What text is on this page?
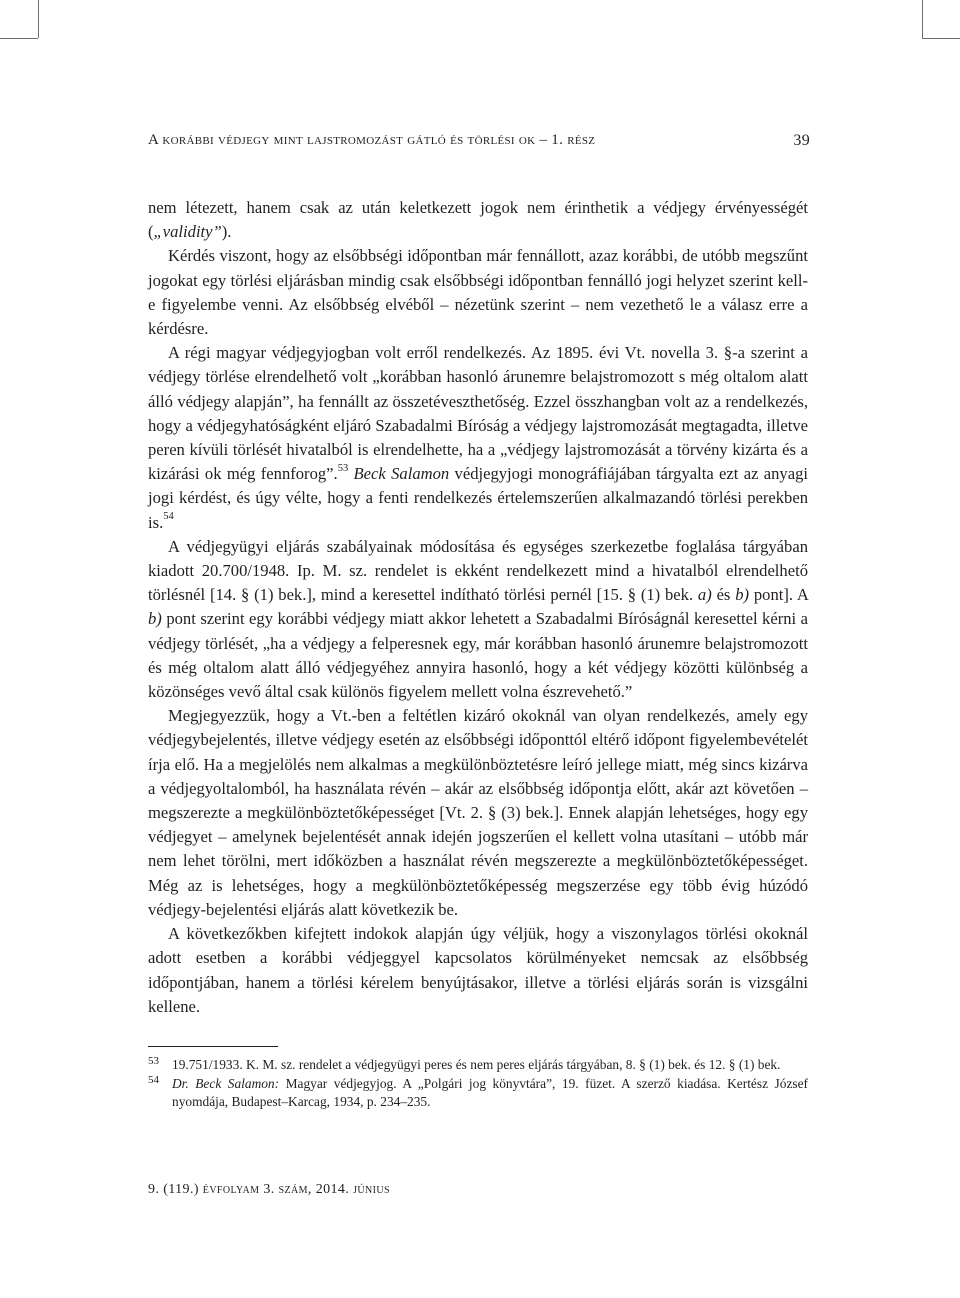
A korábbi védjegy mint lajstromozást gátló és törlési ok – 1. rész	39

nem létezett, hanem csak az után keletkezett jogok nem érinthetik a védjegy érvényességét („validity”).

Kérdés viszont, hogy az elsőbbségi időpontban már fennállott, azaz korábbi, de utóbb megszűnt jogokat egy törlési eljárásban mindig csak elsőbbségi időpontban fennálló jogi helyzet szerint kell-e figyelembe venni. Az elsőbbség elvéből – nézetünk szerint – nem vezethető le a válasz erre a kérdésre.

A régi magyar védjegyjogban volt erről rendelkezés. Az 1895. évi Vt. novella 3. §-a szerint a védjegy törlése elrendelhető volt „korábban hasonló árunemre belajstromozott s még oltalom alatt álló védjegy alapján”, ha fennállt az összetéveszthetőség. Ezzel összhangban volt az a rendelkezés, hogy a védjegyhatóságként eljáró Szabadalmi Bíróság a védjegy lajstromozását megtagadta, illetve peren kívüli törlését hivatalból is elrendelhette, ha a „védjegy lajstromozását a törvény kizárta és a kizárási ok még fennforog”.$^{53}$ Beck Salamon védjegyjogi monográfiájában tárgyalta ezt az anyagi jogi kérdést, és úgy vélte, hogy a fenti rendelkezés értelemszerűen alkalmazandó törlési perekben is.$^{54}$

A védjegyügyi eljárás szabályainak módosítása és egységes szerkezetbe foglalása tárgyában kiadott 20.700/1948. Ip. M. sz. rendelet is ekként rendelkezett mind a hivatalból elrendelhető törlésnél [14. § (1) bek.], mind a keresettel indítható törlési pernél [15. § (1) bek. a) és b) pont]. A b) pont szerint egy korábbi védjegy miatt akkor lehetett a Szabadalmi Bíróságnál keresettel kérni a védjegy törlését, „ha a védjegy a felperesnek egy, már korábban hasonló árunemre belajstromozott és még oltalom alatt álló védjegyéhez annyira hasonló, hogy a két védjegy közötti különbség a közönséges vevő által csak különös figyelem mellett volna észrevehető.”

Megjegyezzük, hogy a Vt.-ben a feltétlen kizáró okoknál van olyan rendelkezés, amely egy védjegybejelentés, illetve védjegy esetén az elsőbbségi időponttól eltérő időpont figyelembevételét írja elő. Ha a megjelölés nem alkalmas a megkülönböztetésre leíró jellege miatt, még sincs kizárva a védjegyoltalomból, ha használata révén – akár az elsőbbség időpontja előtt, akár azt követően – megszerezte a megkülönböztetőképességet [Vt. 2. § (3) bek.]. Ennek alapján lehetséges, hogy egy védjegyet – amelynek bejelentését annak idején jogszerűen el kellett volna utasítani – utóbb már nem lehet törölni, mert időközben a használat révén megszerezte a megkülönböztetőképességet. Még az is lehetséges, hogy a megkülönböztetőképesség megszerzése egy több évig húzódó védjegy-bejelentési eljárás alatt következik be.

A következőkben kifejtett indokok alapján úgy véljük, hogy a viszonylagos törlési okoknál adott esetben a korábbi védjeggyel kapcsolatos körülményeket nemcsak az elsőbbség időpontjában, hanem a törlési kérelem benyújtásakor, illetve a törlési eljárás során is vizsgálni kellene.

53 19.751/1933. K. M. sz. rendelet a védjegyügyi peres és nem peres eljárás tárgyában, 8. § (1) bek. és 12. § (1) bek.

54 Dr. Beck Salamon: Magyar védjegyjog. A „Polgári jog könyvtára”, 19. füzet. A szerző kiadása. Kertész József nyomdája, Budapest–Karcag, 1934, p. 234–235.

9. (119.) évfolyam 3. szám, 2014. június
